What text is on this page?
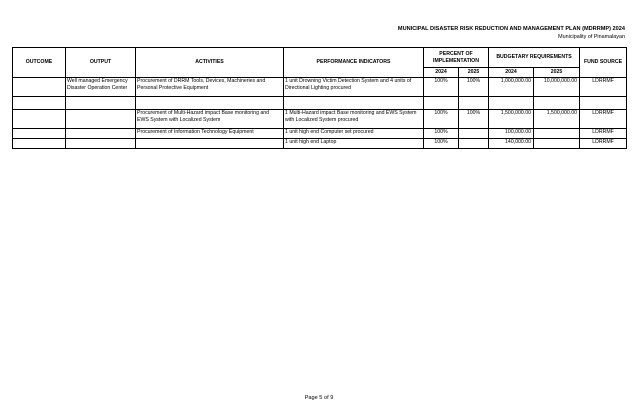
MUNICIPAL DISASTER RISK REDUCTION AND MANAGEMENT PLAN (MDRRMP) 2024
Municipality of Pinamalayan
OUTCOME	OUTPUT	ACTIVITIES	PERFORMANCE INDICATORS	PERCENT OF IMPLEMENTATION		BUDGETARY REQUIREMENTS		FUND SOURCE
				2024	2025	2024	2025	
	Well managed Emergency Disaster Operation Center	Procurement of DRRM Tools, Devices, Machineries and Personal Protective Equipment	1 unit Drowning Victim Detection System and 4 units of Directional Lighting procured	100%	100%	1,000,000.00	10,000,000.00	LDRRMF

		Procurement of Multi-Hazard impact Base monitoring and EWS System with Localized System	1 Multi-Hazard impact Base monitoring and EWS System with Localized System procured	100%	100%	1,500,000.00	1,500,000.00	LDRRMF
		Procurement of Information Technology Equipment	1 unit high end Computer set procured	100%		100,000.00		LDRRMF
			1 unit high end Laptop	100%		140,000.00		LDRRMF
Page 5 of 9
